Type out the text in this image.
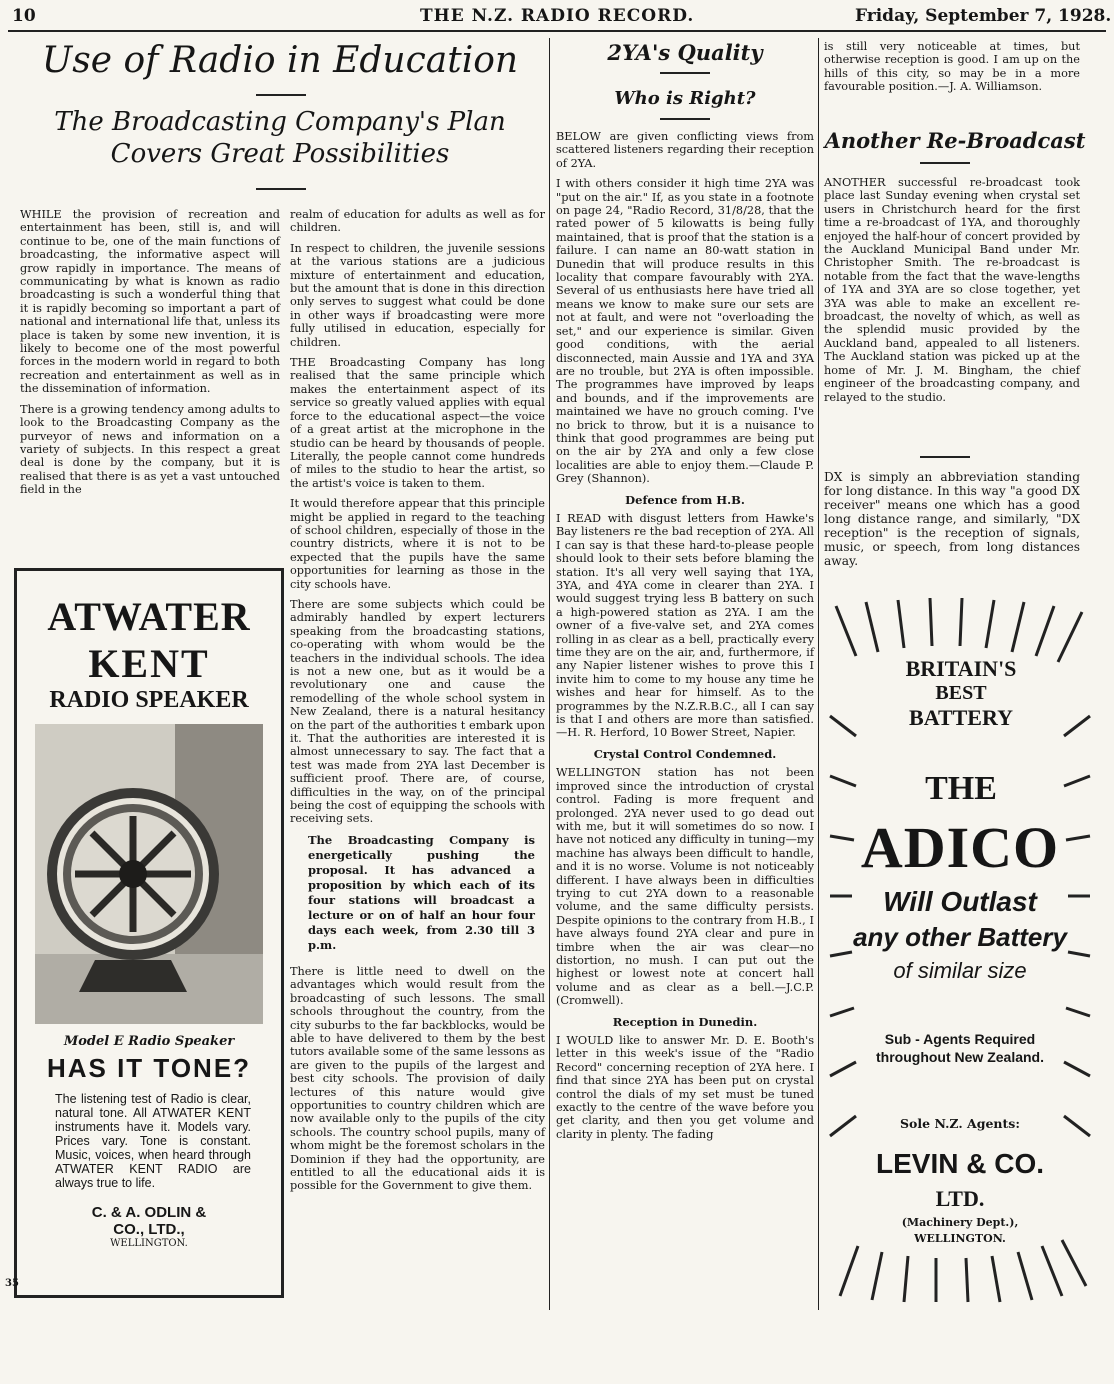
10	THE N.Z. RADIO RECORD.	Friday, September 7, 1928.
Use of Radio in Education
The Broadcasting Company's Plan Covers Great Possibilities

WHILE the provision of recreation and entertainment has been, still is, and will continue to be, one of the main functions of broadcasting, the informative aspect will grow rapidly in importance. The means of communicating by what is known as radio broadcasting is such a wonderful thing that it is rapidly becoming so important a part of national and international life that, unless its place is taken by some new invention, it is likely to become one of the most powerful forces in the modern world in regard to both recreation and entertainment as well as in the dissemination of information.

There is a growing tendency among adults to look to the Broadcasting Company as the purveyor of news and information on a variety of subjects. In this respect a great deal is done by the company, but it is realised that there is as yet a vast untouched field in the

realm of education for adults as well as for children.

In respect to children, the juvenile sessions at the various stations are a judicious mixture of entertainment and education, but the amount that is done in this direction only serves to suggest what could be done in other ways if broadcasting were more fully utilised in education, especially for children.

THE Broadcasting Company has long realised that the same principle which makes the entertainment aspect of its service so greatly valued applies with equal force to the educational aspect—the voice of a great artist at the microphone in the studio can be heard by thousands of people. Literally, the people cannot come hundreds of miles to the studio to hear the artist, so the artist's voice is taken to them.

It would therefore appear that this principle might be applied in regard to the teaching of school children, especially of those in the country districts, where it is not to be expected that the pupils have the same opportunities for learning as those in the city schools have.

There are some subjects which could be admirably handled by expert lecturers speaking from the broadcasting stations, co-operating with whom would be the teachers in the individual schools. The idea is not a new one, but as it would be a revolutionary one and cause the remodelling of the whole school system in New Zealand, there is a natural hesitancy on the part of the authorities t embark upon it. That the authorities are interested it is almost unnecessary to say. The fact that a test was made from 2YA last December is sufficient proof. There are, of course, difficulties in the way, on of the principal being the cost of equipping the schools with receiving sets.

The Broadcasting Company is energetically pushing the proposal. It has advanced a proposition by which each of its four stations will broadcast a lecture or on of half an hour four days each week, from 2.30 till 3 p.m.

There is little need to dwell on the advantages which would result from the broadcasting of such lessons. The small schools throughout the country, from the city suburbs to the far backblocks, would be able to have delivered to them by the best tutors available some of the same lessons as are given to the pupils of the largest and best city schools. The provision of daily lectures of this nature would give opportunities to country children which are now available only to the pupils of the city schools. The country school pupils, many of whom might be the foremost scholars in the Dominion if they had the opportunity, are entitled to all the educational aids it is possible for the Government to give them.

ATWATER
KENT
RADIO SPEAKER
Model E Radio Speaker
HAS IT TONE?
The listening test of Radio is clear, natural tone. All ATWATER KENT instruments have it. Models vary. Prices vary. Tone is constant. Music, voices, when heard through ATWATER KENT RADIO are always true to life.
C. & A. ODLIN &
CO., LTD.,
WELLINGTON.
35
2YA's Quality
Who is Right?

BELOW are given conflicting views from scattered listeners regarding their reception of 2YA.

I with others consider it high time 2YA was "put on the air." If, as you state in a footnote on page 24, "Radio Record, 31/8/28, that the rated power of 5 kilowatts is being fully maintained, that is proof that the station is a failure. I can name an 80-watt station in Dunedin that will produce results in this locality that compare favourably with 2YA. Several of us enthusiasts here have tried all means we know to make sure our sets are not at fault, and were not "overloading the set," and our experience is similar. Given good conditions, with the aerial disconnected, main Aussie and 1YA and 3YA are no trouble, but 2YA is often impossible. The programmes have improved by leaps and bounds, and if the improvements are maintained we have no grouch coming. I've no brick to throw, but it is a nuisance to think that good programmes are being put on the air by 2YA and only a few close localities are able to enjoy them.—Claude P. Grey (Shannon).

Defence from H.B.

I READ with disgust letters from Hawke's Bay listeners re the bad reception of 2YA. All I can say is that these hard-to-please people should look to their sets before blaming the station. It's all very well saying that 1YA, 3YA, and 4YA come in clearer than 2YA. I would suggest trying less B battery on such a high-powered station as 2YA. I am the owner of a five-valve set, and 2YA comes rolling in as clear as a bell, practically every time they are on the air, and, furthermore, if any Napier listener wishes to prove this I invite him to come to my house any time he wishes and hear for himself. As to the programmes by the N.Z.R.B.C., all I can say is that I and others are more than satisfied.—H. R. Herford, 10 Bower Street, Napier.

Crystal Control Condemned.

WELLINGTON station has not been improved since the introduction of crystal control. Fading is more frequent and prolonged. 2YA never used to go dead out with me, but it will sometimes do so now. I have not noticed any difficulty in tuning—my machine has always been difficult to handle, and it is no worse. Volume is not noticeably different. I have always been in difficulties trying to cut 2YA down to a reasonable volume, and the same difficulty persists. Despite opinions to the contrary from H.B., I have always found 2YA clear and pure in timbre when the air was clear—no distortion, no mush. I can put out the highest or lowest note at concert hall volume and as clear as a bell.—J.C.P. (Cromwell).

Reception in Dunedin.

I WOULD like to answer Mr. D. E. Booth's letter in this week's issue of the "Radio Record" concerning reception of 2YA here. I find that since 2YA has been put on crystal control the dials of my set must be tuned exactly to the centre of the wave before you get clarity, and then you get volume and clarity in plenty. The fading

is still very noticeable at times, but otherwise reception is good. I am up on the hills of this city, so may be in a more favourable position.—J. A. Williamson.
Another Re-Broadcast
ANOTHER successful re-broadcast took place last Sunday evening when crystal set users in Christchurch heard for the first time a re-broadcast of 1YA, and thoroughly enjoyed the half-hour of concert provided by the Auckland Municipal Band under Mr. Christopher Smith. The re-broadcast is notable from the fact that the wave-lengths of 1YA and 3YA are so close together, yet 3YA was able to make an excellent re-broadcast, the novelty of which, as well as the splendid music provided by the Auckland band, appealed to all listeners. The Auckland station was picked up at the home of Mr. J. M. Bingham, the chief engineer of the broadcasting company, and relayed to the studio.
DX is simply an abbreviation standing for long distance. In this way "a good DX receiver" means one which has a good long distance range, and similarly, "DX reception" is the reception of signals, music, or speech, from long distances away.
BRITAIN'S
BEST
BATTERY
THE
ADICO
Will Outlast
any other Battery
of similar size
Sub - Agents Required throughout New Zealand.
Sole N.Z. Agents:
LEVIN & CO.
LTD.
(Machinery Dept.),
WELLINGTON.
